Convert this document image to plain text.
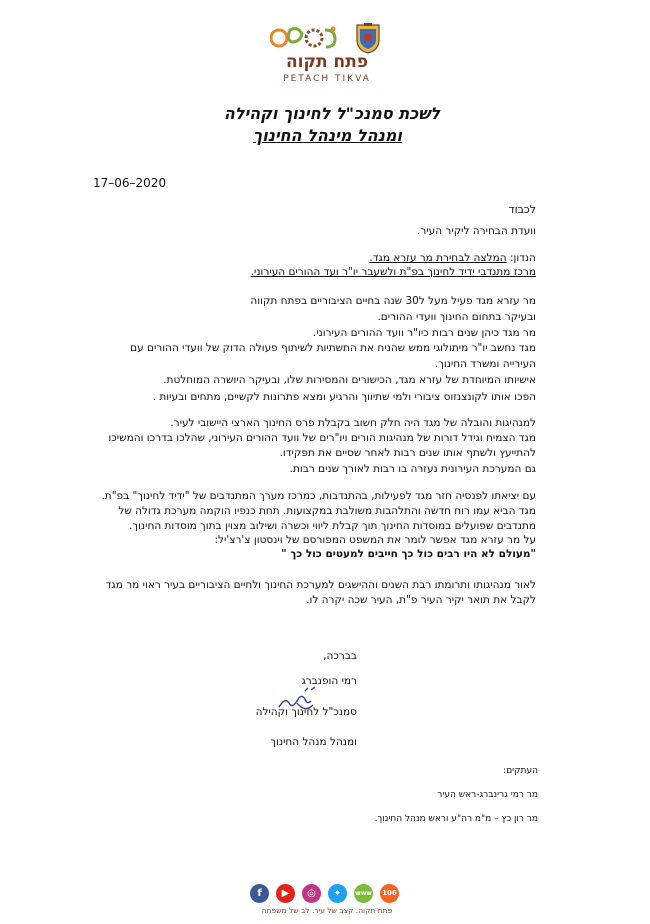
פתח תקוה
PETACH TIKVA
לשכת סמנכ"ל לחינוך וקהילה
ומנהל מינהל החינוך
17–06–2020
לכבוד
וועדת הבחירה ליקיר העיר.
הנדון: המלצה לבחירת מר עזרא מגד.
מרכז מתנדבי ידיד לחינוך בפ"ת ולשעבר יו"ר ועד ההורים העירוני.
מר עזרא מגד פעיל מעל ל30 שנה בחיים הציבוריים בפתח תקווה
ובעיקר בתחום החינוך וועדי ההורים.
מר מגד כיהן שנים רבות כיו"ר וועד ההורים העירוני.
מגד נחשב יו"ר מיתולוגי ממש שהניח את התשתיות לשיתוף פעולה הדוק של וועדי ההורים עם
העירייה ומשרד החינוך.
אישיותו המיוחדת של עזרא מגד, הכישורים והמסירות שלו, ובעיקר היושרה המוחלטת.
הפכו אותו לקונצנזוס ציבורי ולמי שתיווך והרגיע ומצא פתרונות לקשיים, מתחים ובעיות .
למנהיגות והובלה של מגד היה חלק חשוב בקבלת פרס החינוך הארצי היישובי לעיר.
מגד הצמיח וגידל דורות של מנהיגות הורים ויו"רים של וועד ההורים העירוני, שהלכו בדרכו והמשיכו
להתייעץ ולשתף אותו שנים רבות לאחר שסיים את תפקידו.
גם המערכת העירונית נעזרה בו רבות לאורך שנים רבות.
עם יציאתו לפנסיה חזר מגד לפעילות, בהתנדבות, כמרכז מערך המתנדבים של "ידיד לחינוך" בפ"ת.
מגד הביא עמו רוח חדשה והתלהבות משולבת במקצועות. תחת כנפיו הוקמה מערכת גדולה של
מתנדבים שפועלים במוסדות החינוך תוך קבלת ליווי וכשרה ושילוב מצוין בתוך מוסדות החינוך.
על מר עזרא מגד אפשר לומר את המשפט המפורסם של וינסטון צ'רצ'יל:
"מעולם לא היו רבים כול כך חייבים למעטים כול כך "
לאור מנהיגותו ותרומתו רבת השנים וההישגים למערכת החינוך ולחיים הציבוריים בעיר ראוי מר מגד
לקבל את תואר יקיר העיר פ"ת, העיר שכה יקרה לו.
בברכה,
רמי הופנברג
סמנכ"ל לחינוך וקהילה
ומנהל מנהל החינוך
העתקים:
מר רמי גרינברג-ראש העיר
מר רון כץ – מ"מ רה"ע וראש מנהל החינוך.
f	▶	◎	✦	www	106
פתח תקוה. קצב של עיר. לב של משפחה
